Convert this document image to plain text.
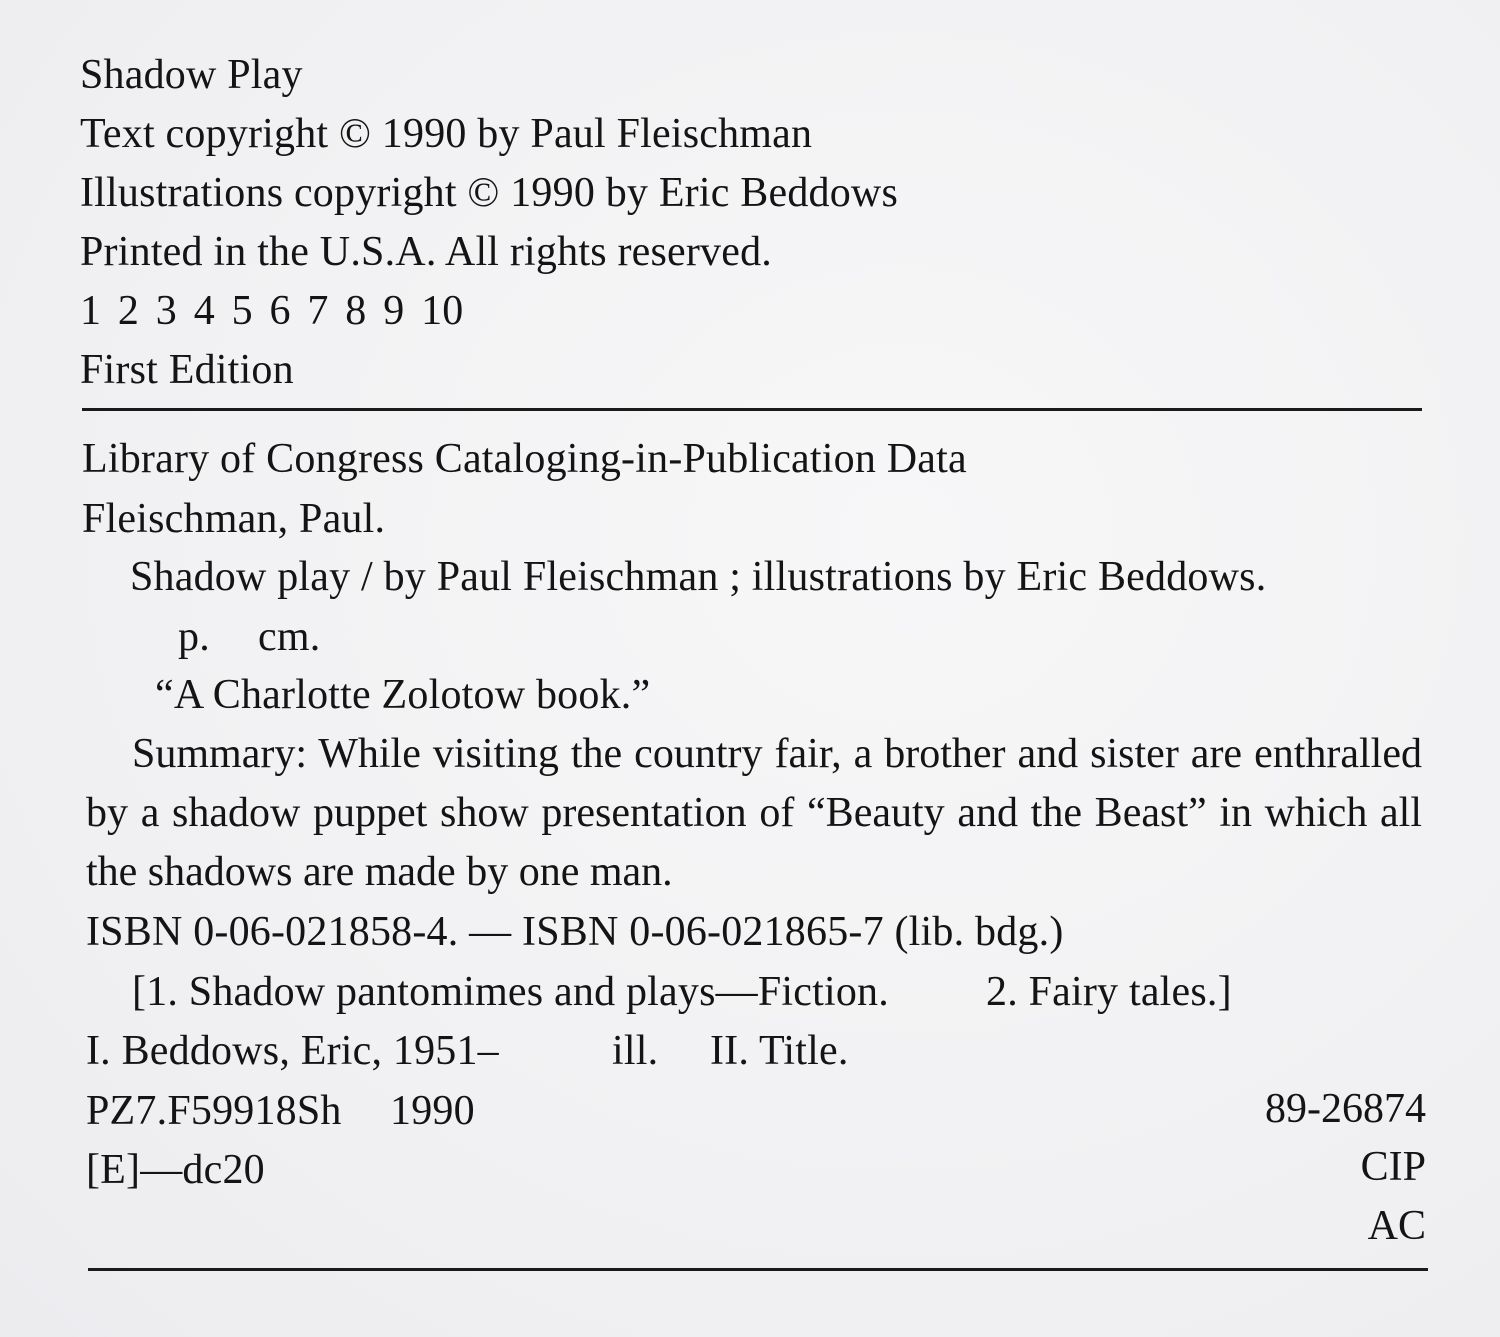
Shadow Play
Text copyright © 1990 by Paul Fleischman
Illustrations copyright © 1990 by Eric Beddows
Printed in the U.S.A. All rights reserved.
1 2 3 4 5 6 7 8 9 10
First Edition
Library of Congress Cataloging-in-Publication Data
Fleischman, Paul.
Shadow play / by Paul Fleischman ; illustrations by Eric Beddows.
p. cm.
“A Charlotte Zolotow book.”
Summary: While visiting the country fair, a brother and sister are enthralled by a shadow puppet show presentation of “Beauty and the Beast” in which all the shadows are made by one man.
ISBN 0-06-021858-4. — ISBN 0-06-021865-7 (lib. bdg.)
[1. Shadow pantomimes and plays—Fiction. 2. Fairy tales.]
I. Beddows, Eric, 1951–	ill. II. Title.
PZ7.F59918Sh 1990	89-26874
[E]—dc20	CIP
AC
